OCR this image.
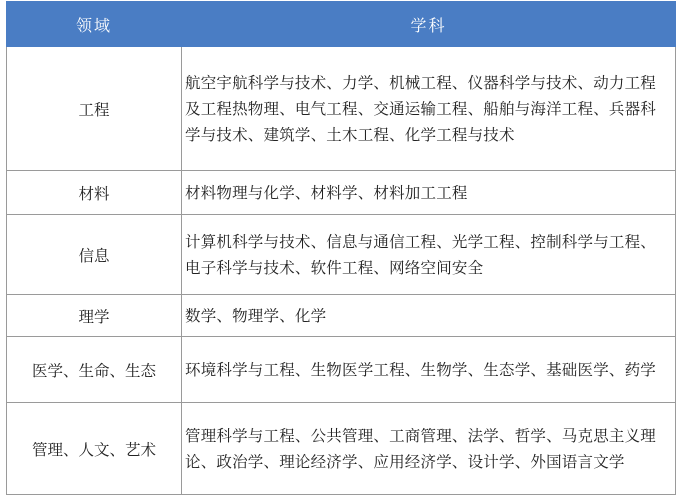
领域	学科
工程	航空宇航科学与技术、力学、机械工程、仪器科学与技术、动力工程及工程热物理、电气工程、交通运输工程、船舶与海洋工程、兵器科学与技术、建筑学、土木工程、化学工程与技术
材料	材料物理与化学、材料学、材料加工工程
信息	计算机科学与技术、信息与通信工程、光学工程、控制科学与工程、电子科学与技术、软件工程、网络空间安全
理学	数学、物理学、化学
医学、生命、生态	环境科学与工程、生物医学工程、生物学、生态学、基础医学、药学
管理、人文、艺术	管理科学与工程、公共管理、工商管理、法学、哲学、马克思主义理论、政治学、理论经济学、应用经济学、设计学、外国语言文学
